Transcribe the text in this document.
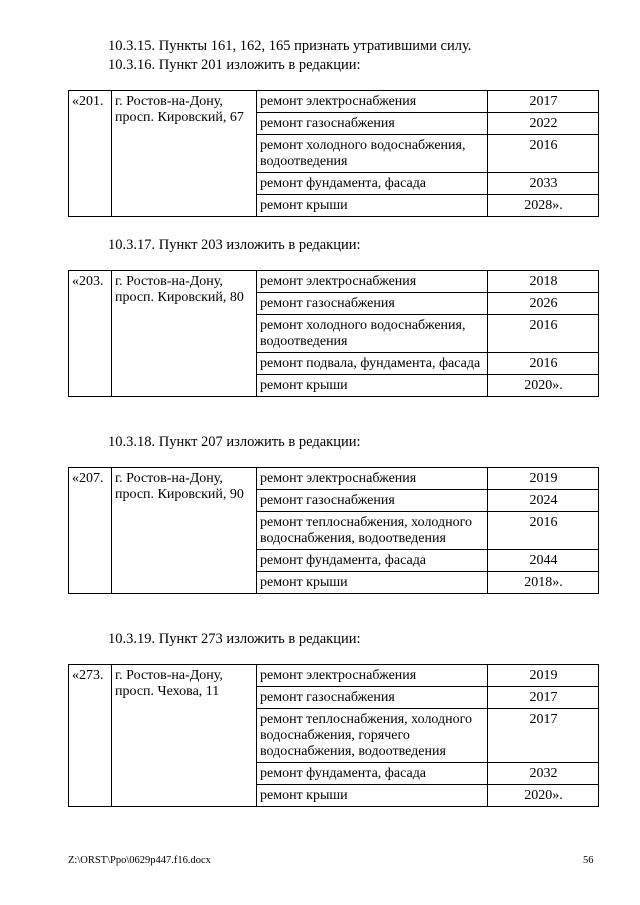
10.3.15. Пункты 161, 162, 165 признать утратившими силу.
10.3.16. Пункт 201 изложить в редакции:
«201.	г. Ростов-на-Дону, просп. Кировский, 67	ремонт электроснабжения	2017
		ремонт газоснабжения	2022
		ремонт холодного водоснабжения, водоотведения	2016
		ремонт фундамента, фасада	2033
		ремонт крыши	2028».
10.3.17. Пункт 203 изложить в редакции:
«203.	г. Ростов-на-Дону, просп. Кировский, 80	ремонт электроснабжения	2018
		ремонт газоснабжения	2026
		ремонт холодного водоснабжения, водоотведения	2016
		ремонт подвала, фундамента, фасада	2016
		ремонт крыши	2020».
10.3.18. Пункт 207 изложить в редакции:
«207.	г. Ростов-на-Дону, просп. Кировский, 90	ремонт электроснабжения	2019
		ремонт газоснабжения	2024
		ремонт теплоснабжения, холодного водоснабжения, водоотведения	2016
		ремонт фундамента, фасада	2044
		ремонт крыши	2018».
10.3.19. Пункт 273 изложить в редакции:
«273.	г. Ростов-на-Дону, просп. Чехова, 11	ремонт электроснабжения	2019
		ремонт газоснабжения	2017
		ремонт теплоснабжения, холодного водоснабжения, горячего водоснабжения, водоотведения	2017
		ремонт фундамента, фасада	2032
		ремонт крыши	2020».
Z:\ORST\Ppo\0629p447.f16.docx	56
